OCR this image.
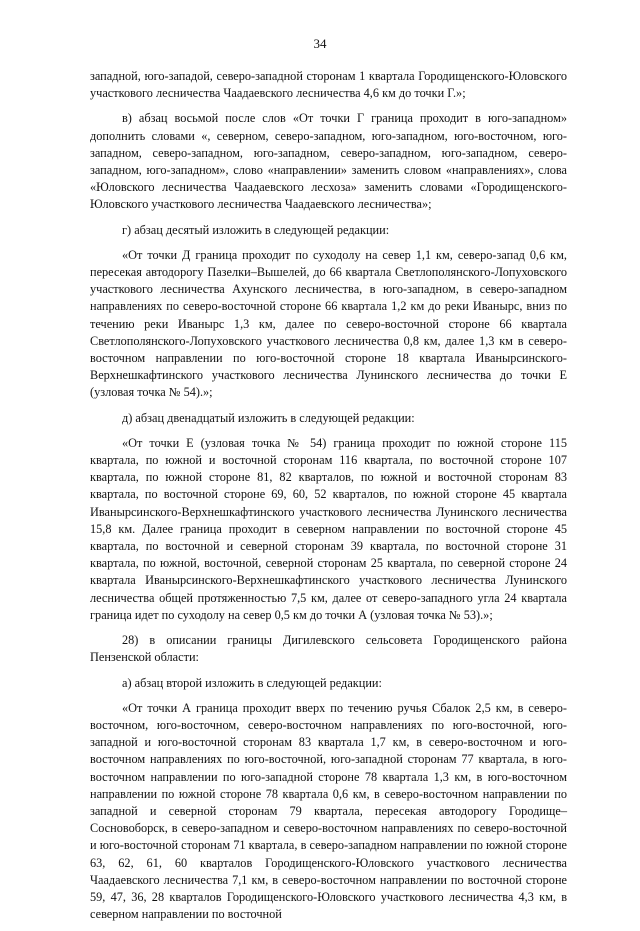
34

западной, юго-западой, северо-западной сторонам 1 квартала Городищенского-Юловского участкового лесничества Чаадаевского лесничества 4,6 км до точки Г.»;

в) абзац восьмой после слов «От точки Г граница проходит в юго-западном» дополнить словами «, северном, северо-западном, юго-западном, юго-восточном, юго-западном, северо-западном, юго-западном, северо-западном, юго-западном, северо-западном, юго-западном», слово «направлении» заменить словом «направлениях», слова «Юловского лесничества Чаадаевского лесхоза» заменить словами «Городищенского-Юловского участкового лесничества Чаадаевского лесничества»;

г) абзац десятый изложить в следующей редакции:

«От точки Д граница проходит по суходолу на север 1,1 км, северо-запад 0,6 км, пересекая автодорогу Пазелки–Вышелей, до 66 квартала Светлополянского-Лопуховского участкового лесничества Ахунского лесничества, в юго-западном, в северо-западном направлениях по северо-восточной стороне 66 квартала 1,2 км до реки Иваныpс, вниз по течению реки Иваныpс 1,3 км, далее по северо-восточной стороне 66 квартала Светлополянского-Лопуховского участкового лесничества 0,8 км, далее 1,3 км в северо-восточном направлении по юго-восточной стороне 18 квартала Иваныpсинского-Верхнешкафтинского участкового лесничества Лунинского лесничества до точки Е (узловая точка № 54).»;

д) абзац двенадцатый изложить в следующей редакции:

«От точки Е (узловая точка № 54) граница проходит по южной стороне 115 квартала, по южной и восточной сторонам 116 квартала, по восточной стороне 107 квартала, по южной стороне 81, 82 кварталов, по южной и восточной сторонам 83 квартала, по восточной стороне 69, 60, 52 кварталов, по южной стороне 45 квартала Иваныpсинского-Верхнешкафтинского участкового лесничества Лунинского лесничества 15,8 км. Далее граница проходит в северном направлении по восточной стороне 45 квартала, по восточной и северной сторонам 39 квартала, по восточной стороне 31 квартала, по южной, восточной, северной сторонам 25 квартала, по северной стороне 24 квартала Иваныpсинского-Верхнешкафтинского участкового лесничества Лунинского лесничества общей протяженностью 7,5 км, далее от северо-западного угла 24 квартала граница идет по суходолу на север 0,5 км до точки А (узловая точка № 53).»;

28) в описании границы Дигилевского сельсовета Городищенского района Пензенской области:

а) абзац второй изложить в следующей редакции:

«От точки А граница проходит вверх по течению ручья Сбалок 2,5 км, в северо-восточном, юго-восточном, северо-восточном направлениях по юго-восточной, юго-западной и юго-восточной сторонам 83 квартала 1,7 км, в северо-восточном и юго-восточном направлениях по юго-восточной, юго-западной сторонам 77 квартала, в юго-восточном направлении по юго-западной стороне 78 квартала 1,3 км, в юго-восточном направлении по южной стороне 78 квартала 0,6 км, в северо-восточном направлении по западной и северной сторонам 79 квартала, пересекая автодорогу Городище–Сосновоборск, в северо-западном и северо-восточном направлениях по северо-восточной и юго-восточной сторонам 71 квартала, в северо-западном направлении по южной стороне 63, 62, 61, 60 кварталов Городищенского-Юловского участкового лесничества Чаадаевского лесничества 7,1 км, в северо-восточном направлении по восточной стороне 59, 47, 36, 28 кварталов Городищенского-Юловского участкового лесничества 4,3 км, в северном направлении по восточной
